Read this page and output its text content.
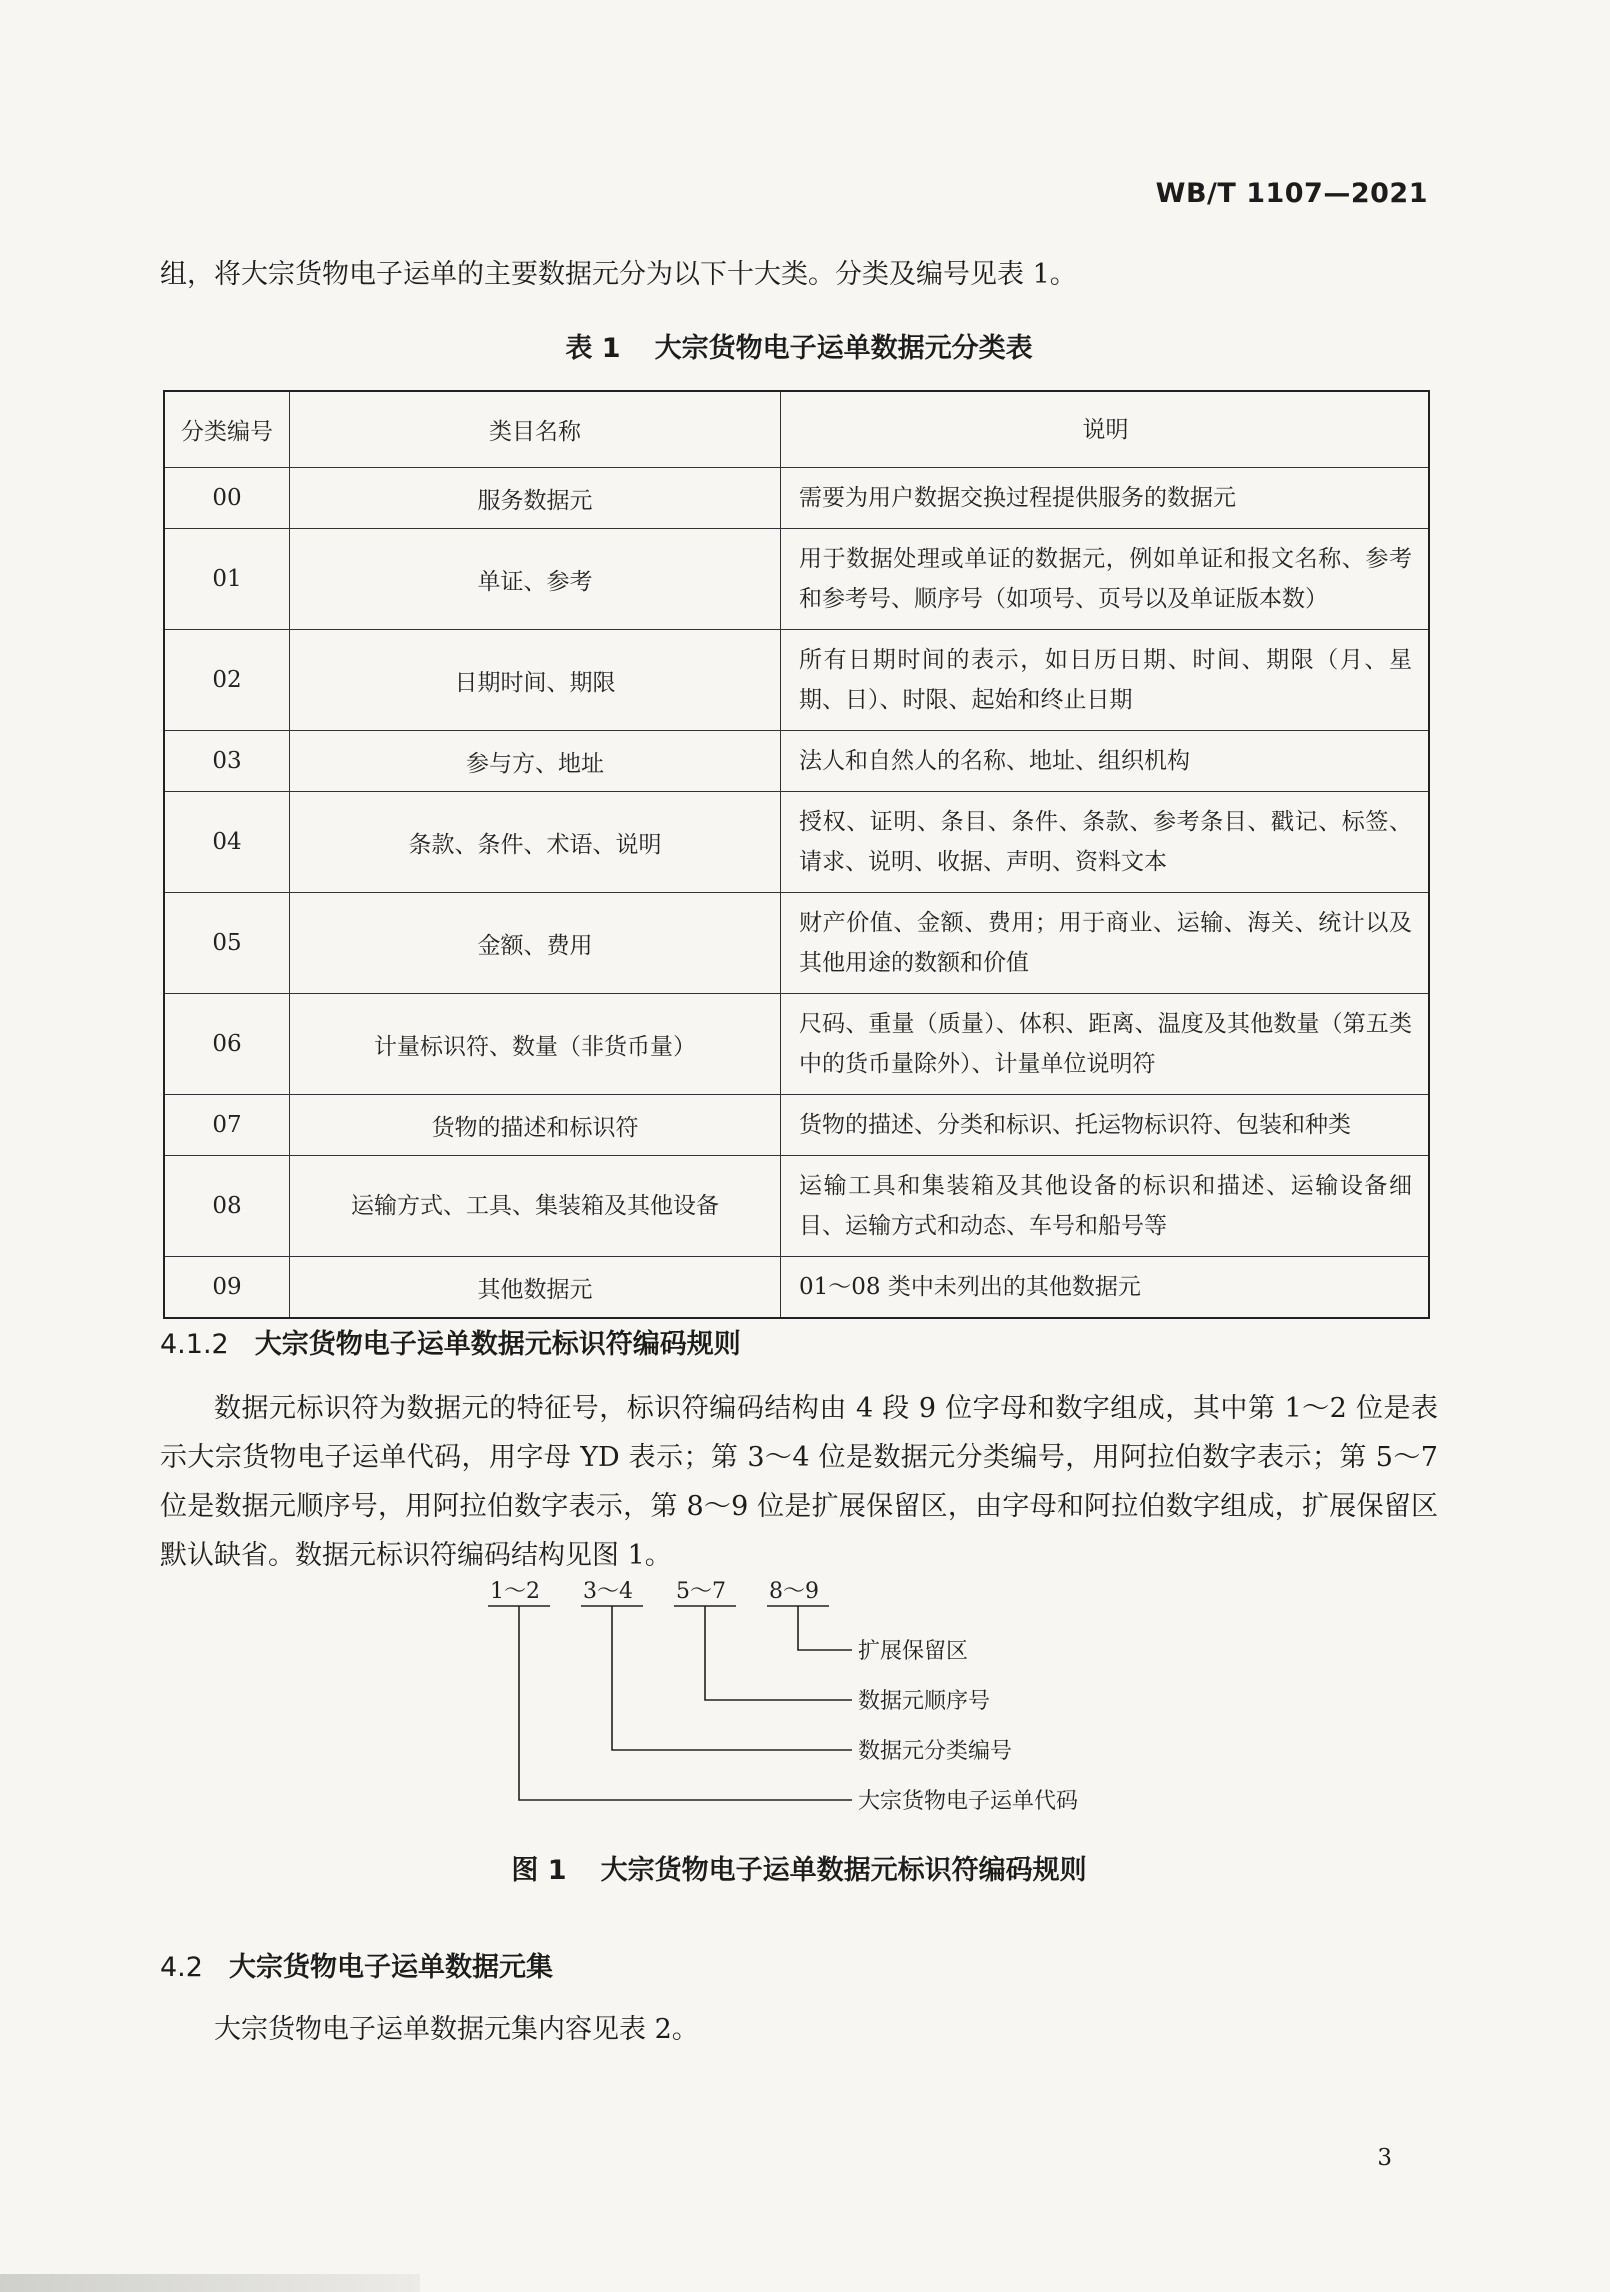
WB/T 1107—2021

组，将大宗货物电子运单的主要数据元分为以下十大类。分类及编号见表 1。

表 1 大宗货物电子运单数据元分类表
分类编号	类目名称	说明
00	服务数据元	需要为用户数据交换过程提供服务的数据元
01	单证、参考	用于数据处理或单证的数据元，例如单证和报文名称、参考和参考号、顺序号（如项号、页号以及单证版本数）
02	日期时间、期限	所有日期时间的表示，如日历日期、时间、期限（月、星期、日）、时限、起始和终止日期
03	参与方、地址	法人和自然人的名称、地址、组织机构
04	条款、条件、术语、说明	授权、证明、条目、条件、条款、参考条目、戳记、标签、请求、说明、收据、声明、资料文本
05	金额、费用	财产价值、金额、费用；用于商业、运输、海关、统计以及其他用途的数额和价值
06	计量标识符、数量（非货币量）	尺码、重量（质量）、体积、距离、温度及其他数量（第五类中的货币量除外）、计量单位说明符
07	货物的描述和标识符	货物的描述、分类和标识、托运物标识符、包装和种类
08	运输方式、工具、集装箱及其他设备	运输工具和集装箱及其他设备的标识和描述、运输设备细目、运输方式和动态、车号和船号等
09	其他数据元	01～08 类中未列出的其他数据元
4.1.2 大宗货物电子运单数据元标识符编码规则

数据元标识符为数据元的特征号，标识符编码结构由 4 段 9 位字母和数字组成，其中第 1～2 位是表示大宗货物电子运单代码，用字母 YD 表示；第 3～4 位是数据元分类编号，用阿拉伯数字表示；第 5～7 位是数据元顺序号，用阿拉伯数字表示，第 8～9 位是扩展保留区，由字母和阿拉伯数字组成，扩展保留区默认缺省。数据元标识符编码结构见图 1。

1～2 3～4 5～7 8～9
扩展保留区
数据元顺序号
数据元分类编号
大宗货物电子运单代码
图 1 大宗货物电子运单数据元标识符编码规则
4.2 大宗货物电子运单数据元集

大宗货物电子运单数据元集内容见表 2。

3
